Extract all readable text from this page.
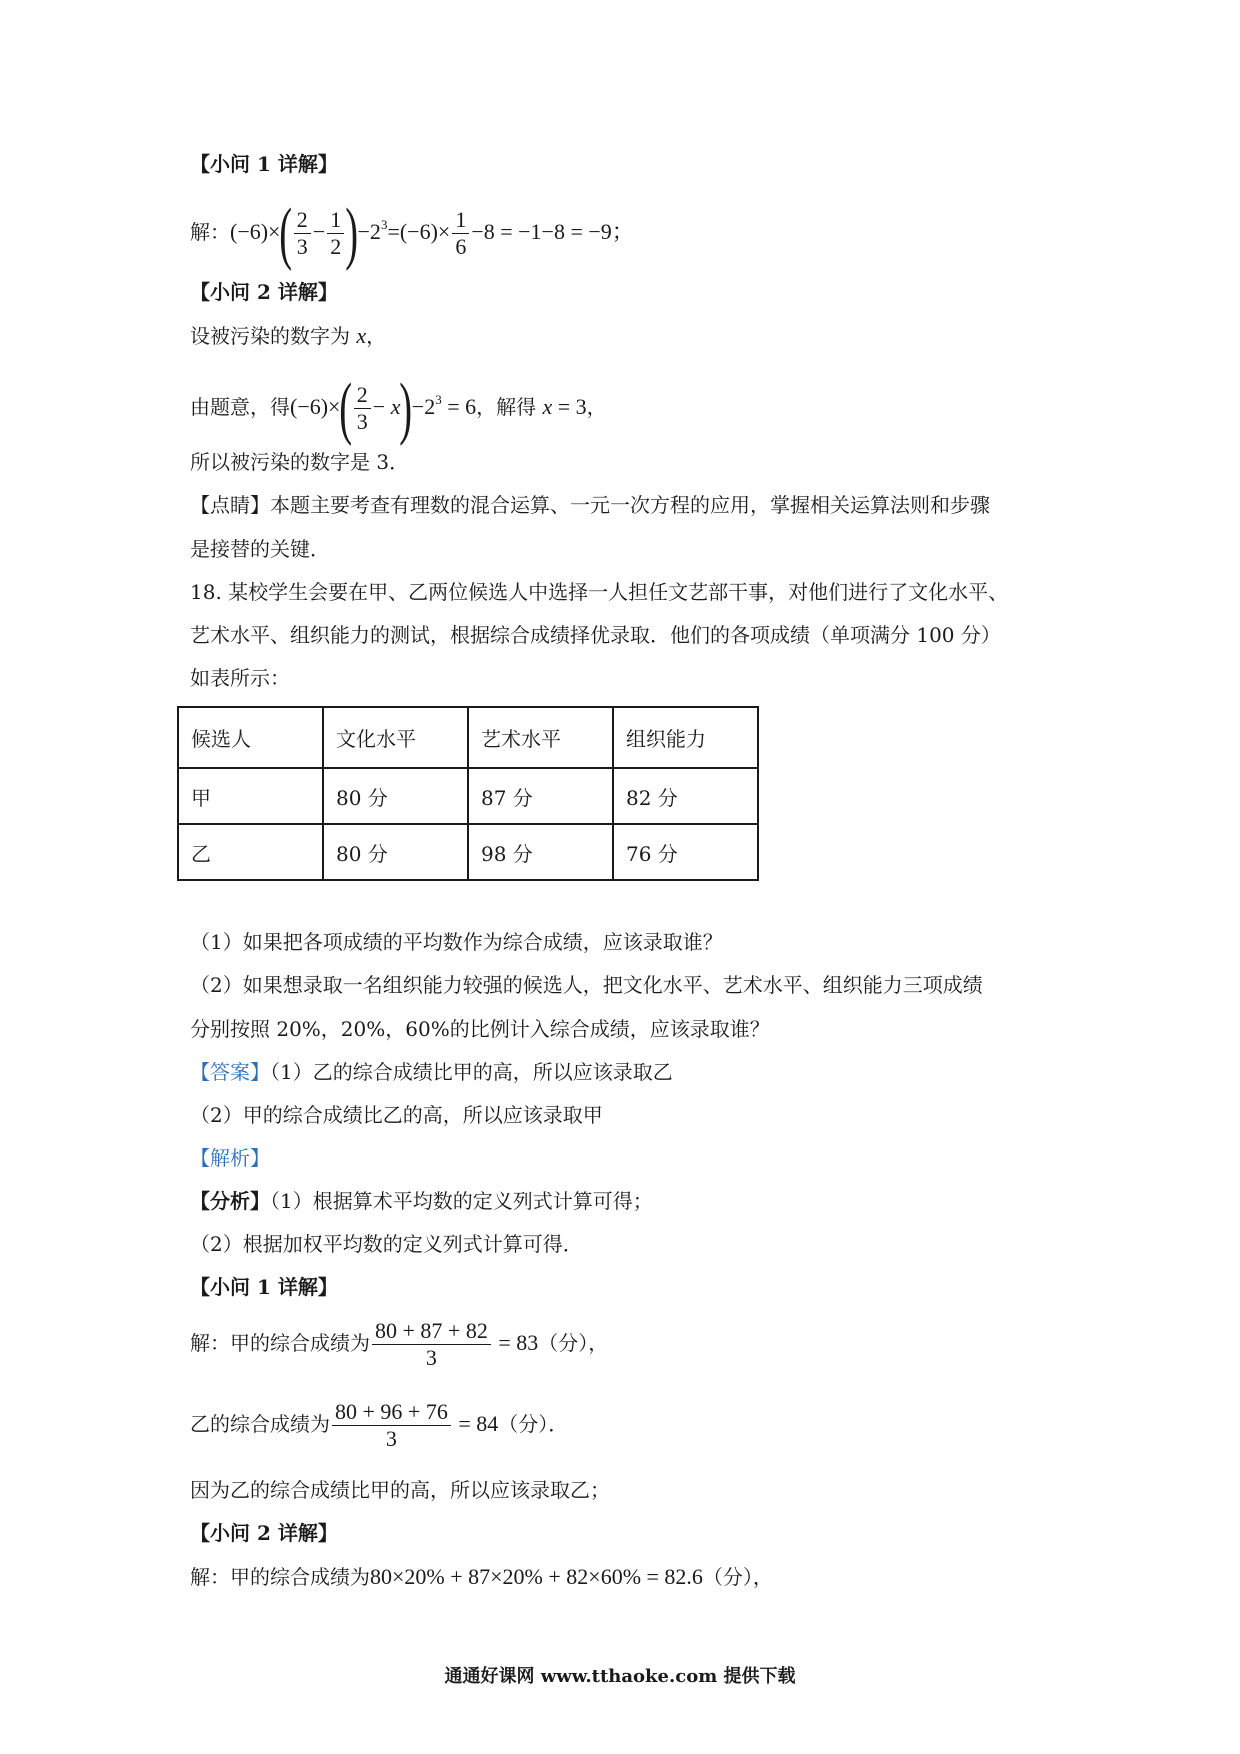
【小问 1 详解】
解：$(-6)\times( \frac{2}{3} - \frac{1}{2} )-2^3=(-6)\times \frac{1}{6} -8 = -1-8 = -9$；
【小问 2 详解】
设被污染的数字为 x，
由题意，得$(-6)\times( \frac{2}{3} - x)-2^3 = 6$，解得 x = 3，
所以被污染的数字是 3．
【点睛】本题主要考查有理数的混合运算、一元一次方程的应用，掌握相关运算法则和步骤
是接替的关键．
18. 某校学生会要在甲、乙两位候选人中选择一人担任文艺部干事，对他们进行了文化水平、
艺术水平、组织能力的测试，根据综合成绩择优录取．他们的各项成绩（单项满分 100 分）
如表所示：
候选人	文化水平	艺术水平	组织能力
甲	80 分	87 分	82 分
乙	80 分	98 分	76 分
（1）如果把各项成绩的平均数作为综合成绩，应该录取谁？
（2）如果想录取一名组织能力较强的候选人，把文化水平、艺术水平、组织能力三项成绩
分别按照 20%，20%，60%的比例计入综合成绩，应该录取谁？
【答案】（1）乙的综合成绩比甲的高，所以应该录取乙
（2）甲的综合成绩比乙的高，所以应该录取甲
【解析】
【分析】（1）根据算术平均数的定义列式计算可得；
（2）根据加权平均数的定义列式计算可得．
【小问 1 详解】
解：甲的综合成绩为 $\frac{80 + 87 + 82}{3} = 83$（分），
乙的综合成绩为 $\frac{80 + 96 + 76}{3} = 84$（分）．
因为乙的综合成绩比甲的高，所以应该录取乙；
【小问 2 详解】
解：甲的综合成绩为80×20% + 87×20% + 82×60% = 82.6（分），
通通好课网 www.tthaoke.com 提供下载
